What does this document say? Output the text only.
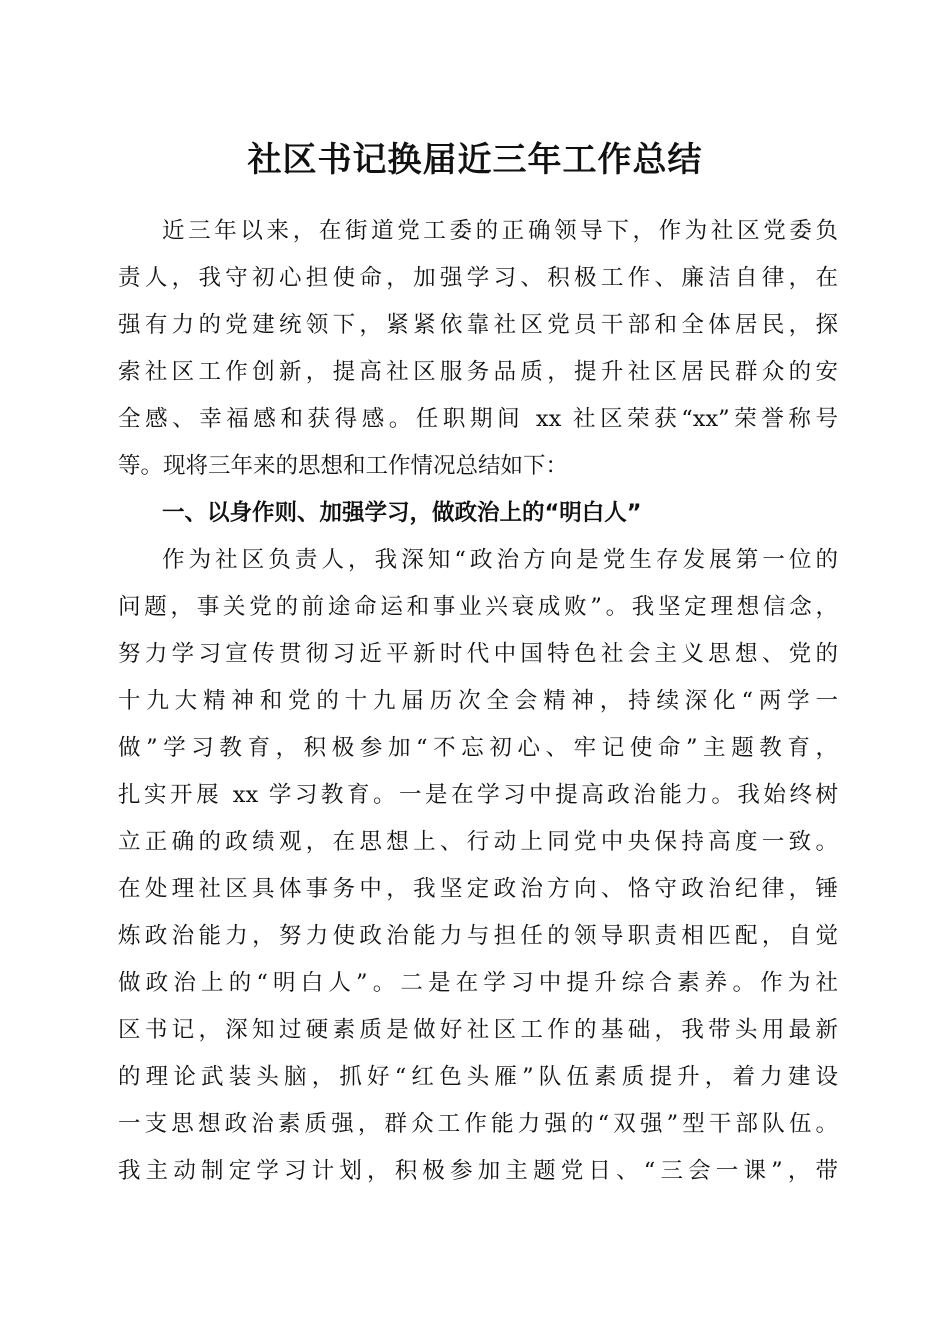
社区书记换届近三年工作总结
近三年以来，在街道党工委的正确领导下，作为社区党委负
责人，我守初心担使命，加强学习、积极工作、廉洁自律，在
强有力的党建统领下，紧紧依靠社区党员干部和全体居民，探
索社区工作创新，提高社区服务品质，提升社区居民群众的安
全感、幸福感和获得感。任职期间 xx 社区荣获“xx”荣誉称号
等。现将三年来的思想和工作情况总结如下：
一、以身作则、加强学习，做政治上的“明白人”
作为社区负责人，我深知“政治方向是党生存发展第一位的
问题，事关党的前途命运和事业兴衰成败”。我坚定理想信念，
努力学习宣传贯彻习近平新时代中国特色社会主义思想、党的
十九大精神和党的十九届历次全会精神，持续深化“两学一
做”学习教育，积极参加“不忘初心、牢记使命”主题教育，
扎实开展 xx 学习教育。一是在学习中提高政治能力。我始终树
立正确的政绩观，在思想上、行动上同党中央保持高度一致。
在处理社区具体事务中，我坚定政治方向、恪守政治纪律，锤
炼政治能力，努力使政治能力与担任的领导职责相匹配，自觉
做政治上的“明白人”。二是在学习中提升综合素养。作为社
区书记，深知过硬素质是做好社区工作的基础，我带头用最新
的理论武装头脑，抓好“红色头雁”队伍素质提升，着力建设
一支思想政治素质强，群众工作能力强的“双强”型干部队伍。
我主动制定学习计划，积极参加主题党日、“三会一课”，带
